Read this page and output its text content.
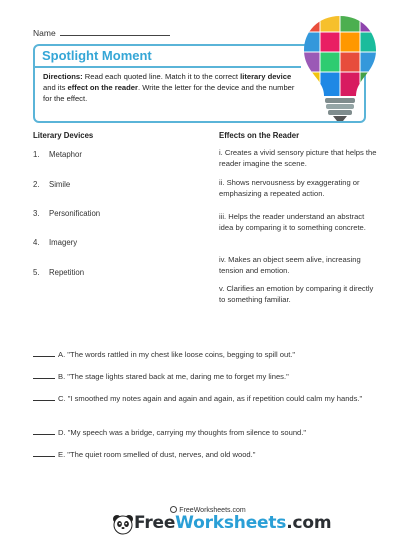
Name
Spotlight Moment
Directions: Read each quoted line. Match it to the correct literary device and its effect on the reader. Write the letter for the device and the number for the effect.
Literary Devices	Effects on the Reader
1. Metaphor
2. Simile
3. Personification
4. Imagery
5. Repetition
i. Creates a vivid sensory picture that helps the reader imagine the scene.
ii. Shows nervousness by exaggerating or emphasizing a repeated action.
iii. Helps the reader understand an abstract idea by comparing it to something concrete.
iv. Makes an object seem alive, increasing tension and emotion.
v. Clarifies an emotion by comparing it directly to something familiar.
A. "The words rattled in my chest like loose coins, begging to spill out."
B. "The stage lights stared back at me, daring me to forget my lines."
C. "I smoothed my notes again and again and again, as if repetition could calm my hands."
D. "My speech was a bridge, carrying my thoughts from silence to sound."
E. "The quiet room smelled of dust, nerves, and old wood."
FreeWorksheets.com
FreeWorksheets.com
